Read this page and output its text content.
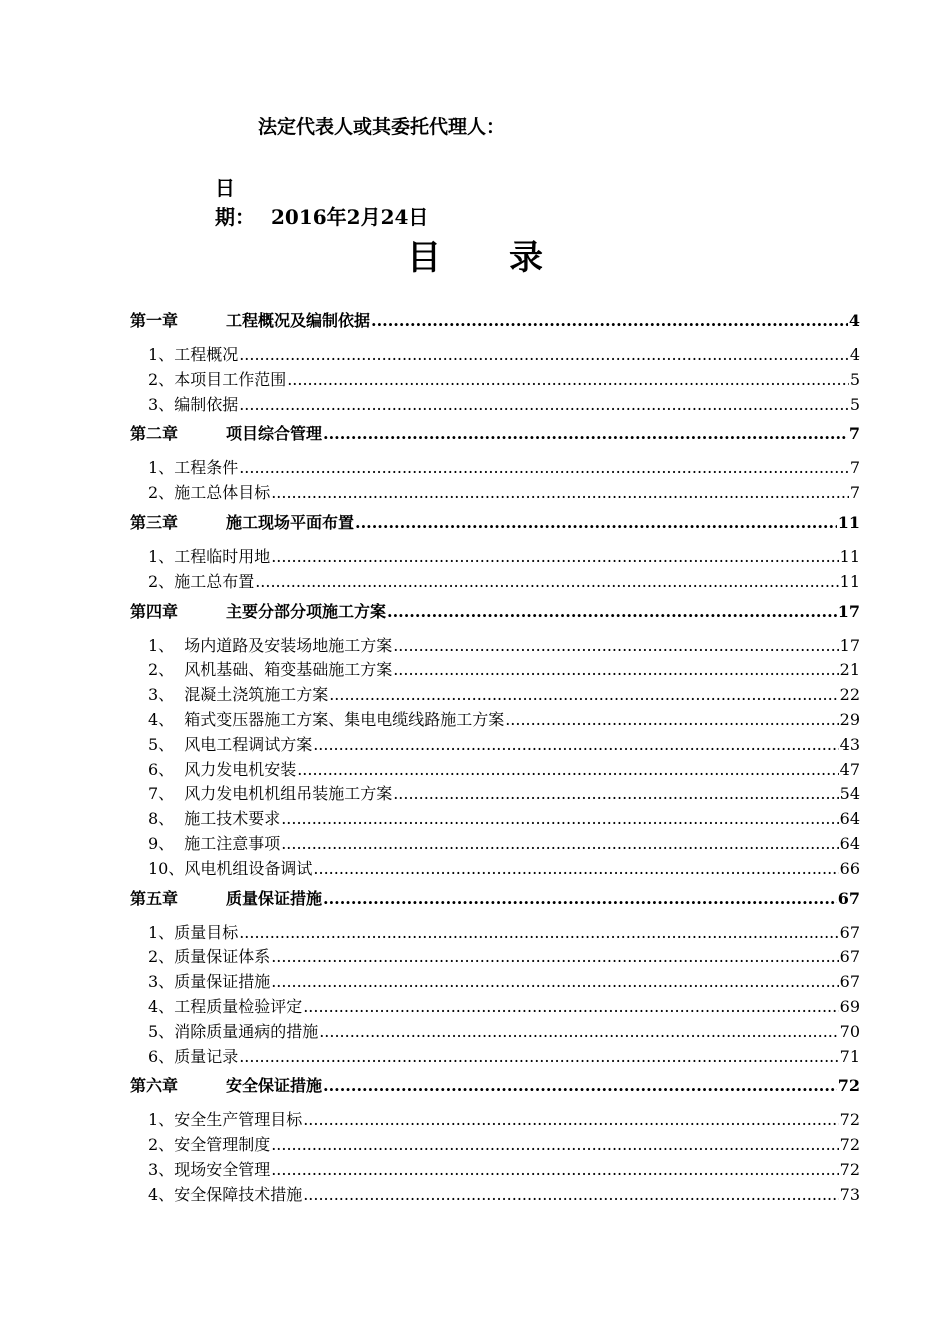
法定代表人或其委托代理人：
日　 期： 2016年2月24日
目 录
第一章	工程概况及编制依据 .....	4
1、 工程概况 .....	4
2、 本项目工作范围 .....	5
3、 编制依据 .....	5
第二章	项目综合管理 .....	7
1、 工程条件 .....	7
2、 施工总体目标 .....	7
第三章	施工现场平面布置 .....	11
1、 工程临时用地 .....	11
2、 施工总布置 .....	11
第四章	主要分部分项施工方案 .....	17
1、 场内道路及安装场地施工方案 .....	17
2、 风机基础、箱变基础施工方案 .....	21
3、 混凝土浇筑施工方案 .....	22
4、 箱式变压器施工方案、集电电缆线路施工方案 .....	29
5、 风电工程调试方案 .....	43
6、 风力发电机安装 .....	47
7、 风力发电机机组吊装施工方案 .....	54
8、 施工技术要求 .....	64
9、 施工注意事项 .....	64
10、 风电机组设备调试 .....	66
第五章	质量保证措施 .....	67
1、 质量目标 .....	67
2、 质量保证体系 .....	67
3、 质量保证措施 .....	67
4、 工程质量检验评定 .....	69
5、 消除质量通病的措施 .....	70
6、 质量记录 .....	71
第六章	安全保证措施 .....	72
1、 安全生产管理目标 .....	72
2、 安全管理制度 .....	72
3、 现场安全管理 .....	72
4、 安全保障技术措施 .....	73
